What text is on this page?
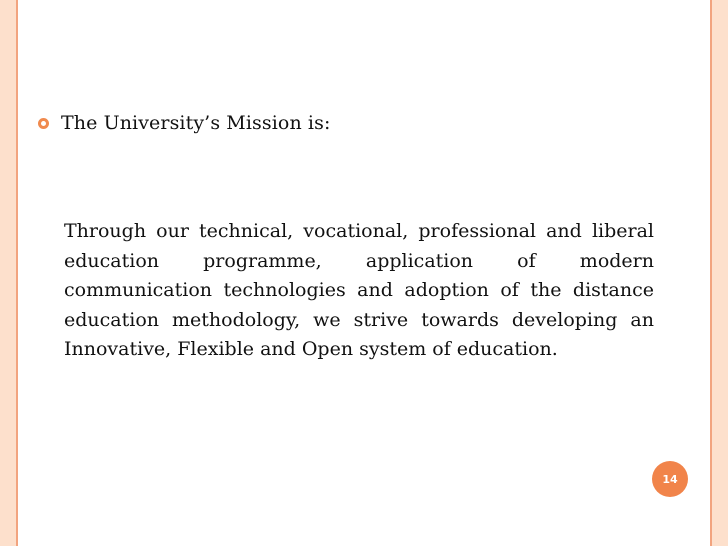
The University’s Mission is:
Through our technical, vocational, professional and liberal education programme, application of modern communication technologies and adoption of the distance education methodology, we strive towards developing an Innovative, Flexible and Open system of education.
14
